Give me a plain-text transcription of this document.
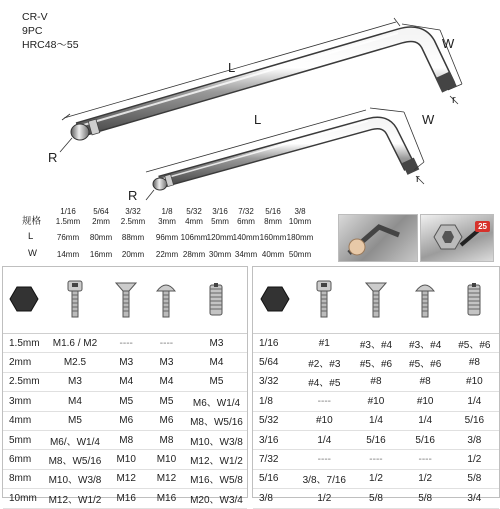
CR-V
9PC
HRC48～55
L
W
R
r
L	W
R
r
规格
1/16 5/64 3/32	1/8 5/32 3/16 7/32 5/16 3/8
1.5mm 2mm 2.5mm 3mm 4mm 5mm 6mm 8mm 10mm
L	76mm 80mm 88mm 96mm 106mm 120mm 140mm 160mm 180mm
W 14mm 16mm 20mm 22mm 28mm 30mm 34mm 40mm 50mm
25

1.5mm	M1.6 / M2	----	----	M3
2mm	M2.5	M3	M3	M4
2.5mm	M3	M4	M4	M5
3mm	M4	M5	M5	M6、W1/4
4mm	M5	M6	M6	M8、W5/16
5mm	M6/、W1/4	M8	M8	M10、W3/8
6mm	M8、W5/16	M10	M10	M12、W1/2
8mm	M10、W3/8	M12	M12	M16、W5/8
10mm	M12、W1/2	M16	M16	M20、W3/4

1/16	#1	#3、#4	#3、#4	#5、#6
5/64	#2、#3	#5、#6	#5、#6	#8
3/32	#4、#5	#8	#8	#10
1/8	----	#10	#10	1/4
5/32	#10	1/4	1/4	5/16
3/16	1/4	5/16	5/16	3/8
7/32	----	----	----	1/2
5/16	3/8、7/16	1/2	1/2	5/8
3/8	1/2	5/8	5/8	3/4
